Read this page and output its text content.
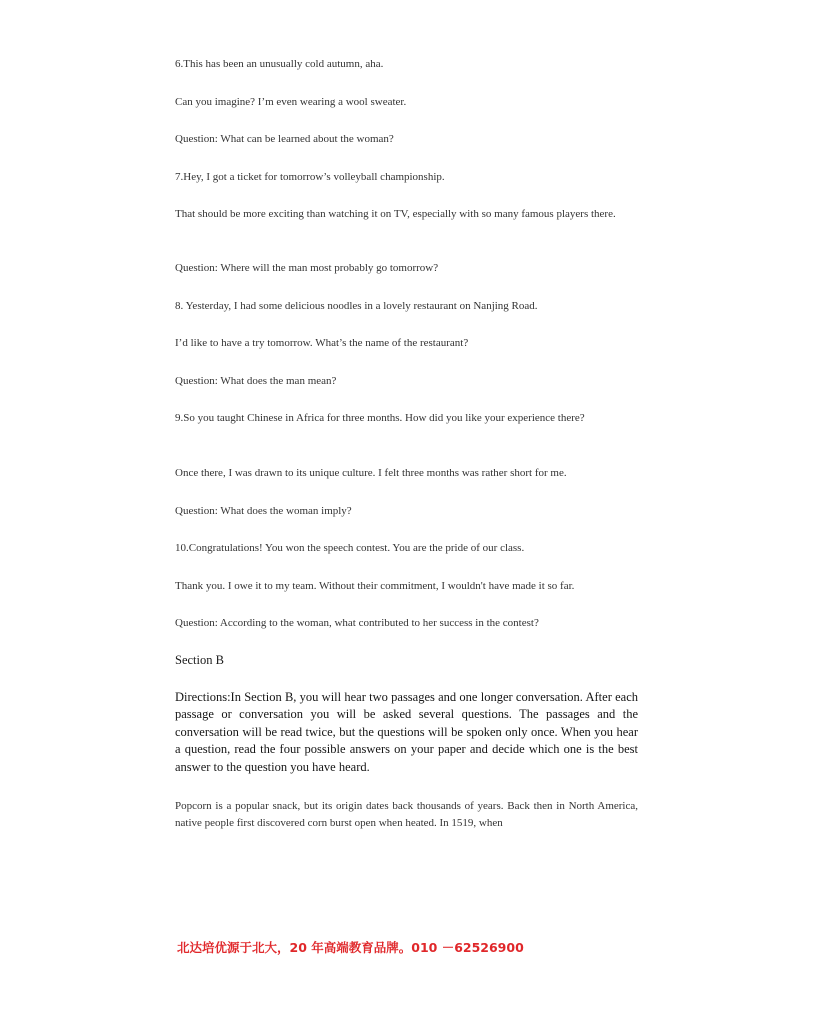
6.This has been an unusually cold autumn, aha.

Can you imagine? I’m even wearing a wool sweater.

Question: What can be learned about the woman?

7.Hey, I got a ticket for tomorrow’s volleyball championship.

That should be more exciting than watching it on TV, especially with so many famous players there.

Question: Where will the man most probably go tomorrow?

8. Yesterday, I had some delicious noodles in a lovely restaurant on Nanjing Road.

I’d like to have a try tomorrow. What’s the name of the restaurant?

Question: What does the man mean?

9.So you taught Chinese in Africa for three months. How did you like your experience there?

Once there, I was drawn to its unique culture. I felt three months was rather short for me.

Question: What does the woman imply?

10.Congratulations! You won the speech contest. You are the pride of our class.

Thank you. I owe it to my team. Without their commitment, I wouldn't have made it so far.

Question: According to the woman, what contributed to her success in the contest?

Section B

Directions:In Section B, you will hear two passages and one longer conversation. After each passage or conversation you will be asked several questions. The passages and the conversation will be read twice, but the questions will be spoken only once. When you hear a question, read the four possible answers on your paper and decide which one is the best answer to the question you have heard.

Popcorn is a popular snack, but its origin dates back thousands of years. Back then in North America, native people first discovered corn burst open when heated. In 1519, when

北达培优源于北大，20 年高端教育品牌。010 －62526900
